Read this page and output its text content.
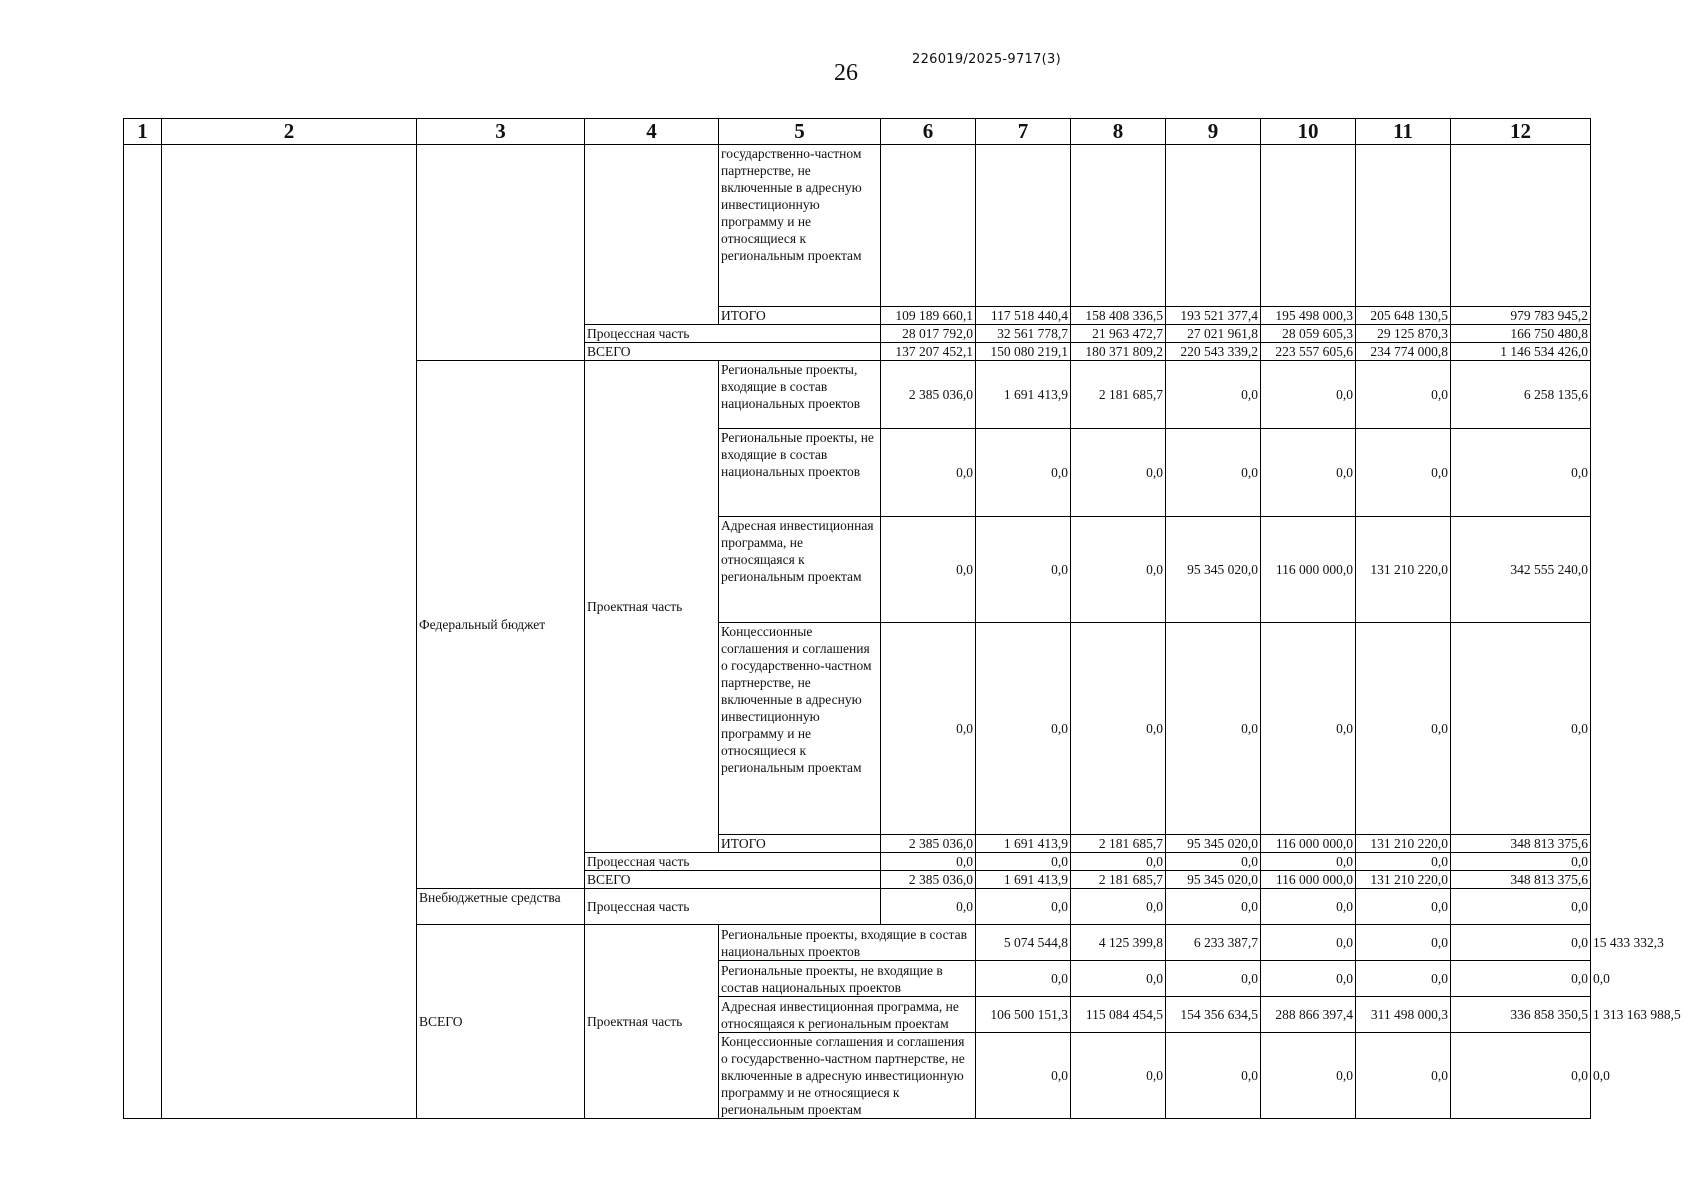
26
226019/2025-9717(3)
1	2	3	4	5	6	7	8	9	10	11	12	
				государственно-частном партнерстве, не включенные в адресную инвестиционную программу и не относящиеся к региональным проектам								
				ИТОГО	109 189 660,1	117 518 440,4	158 408 336,5	193 521 377,4	195 498 000,3	205 648 130,5	979 783 945,2	
			Процессная часть		28 017 792,0	32 561 778,7	21 963 472,7	27 021 961,8	28 059 605,3	29 125 870,3	166 750 480,8	
			ВСЕГО		137 207 452,1	150 080 219,1	180 371 809,2	220 543 339,2	223 557 605,6	234 774 000,8	1 146 534 426,0	
		Федеральный бюджет	Проектная часть	Региональные проекты, входящие в состав национальных проектов	2 385 036,0	1 691 413,9	2 181 685,7	0,0	0,0	0,0	6 258 135,6	
				Региональные проекты, не входящие в состав национальных проектов	0,0	0,0	0,0	0,0	0,0	0,0	0,0	
				Адресная инвестиционная программа, не относящаяся к региональным проектам	0,0	0,0	0,0	95 345 020,0	116 000 000,0	131 210 220,0	342 555 240,0	
				Концессионные соглашения и соглашения о государственно-частном партнерстве, не включенные в адресную инвестиционную программу и не относящиеся к региональным проектам	0,0	0,0	0,0	0,0	0,0	0,0	0,0	
				ИТОГО	2 385 036,0	1 691 413,9	2 181 685,7	95 345 020,0	116 000 000,0	131 210 220,0	348 813 375,6	
			Процессная часть		0,0	0,0	0,0	0,0	0,0	0,0	0,0	
			ВСЕГО		2 385 036,0	1 691 413,9	2 181 685,7	95 345 020,0	116 000 000,0	131 210 220,0	348 813 375,6	
		Внебюджетные средства	Процессная часть		0,0	0,0	0,0	0,0	0,0	0,0	0,0	
		ВСЕГО	Проектная часть	Региональные проекты, входящие в состав национальных проектов		5 074 544,8	4 125 399,8	6 233 387,7	0,0	0,0	0,0	15 433 332,3
				Региональные проекты, не входящие в состав национальных проектов		0,0	0,0	0,0	0,0	0,0	0,0	0,0
				Адресная инвестиционная программа, не относящаяся к региональным проектам		106 500 151,3	115 084 454,5	154 356 634,5	288 866 397,4	311 498 000,3	336 858 350,5	1 313 163 988,5
				Концессионные соглашения и соглашения о государственно-частном партнерстве, не включенные в адресную инвестиционную программу и не относящиеся к региональным проектам		0,0	0,0	0,0	0,0	0,0	0,0	0,0
